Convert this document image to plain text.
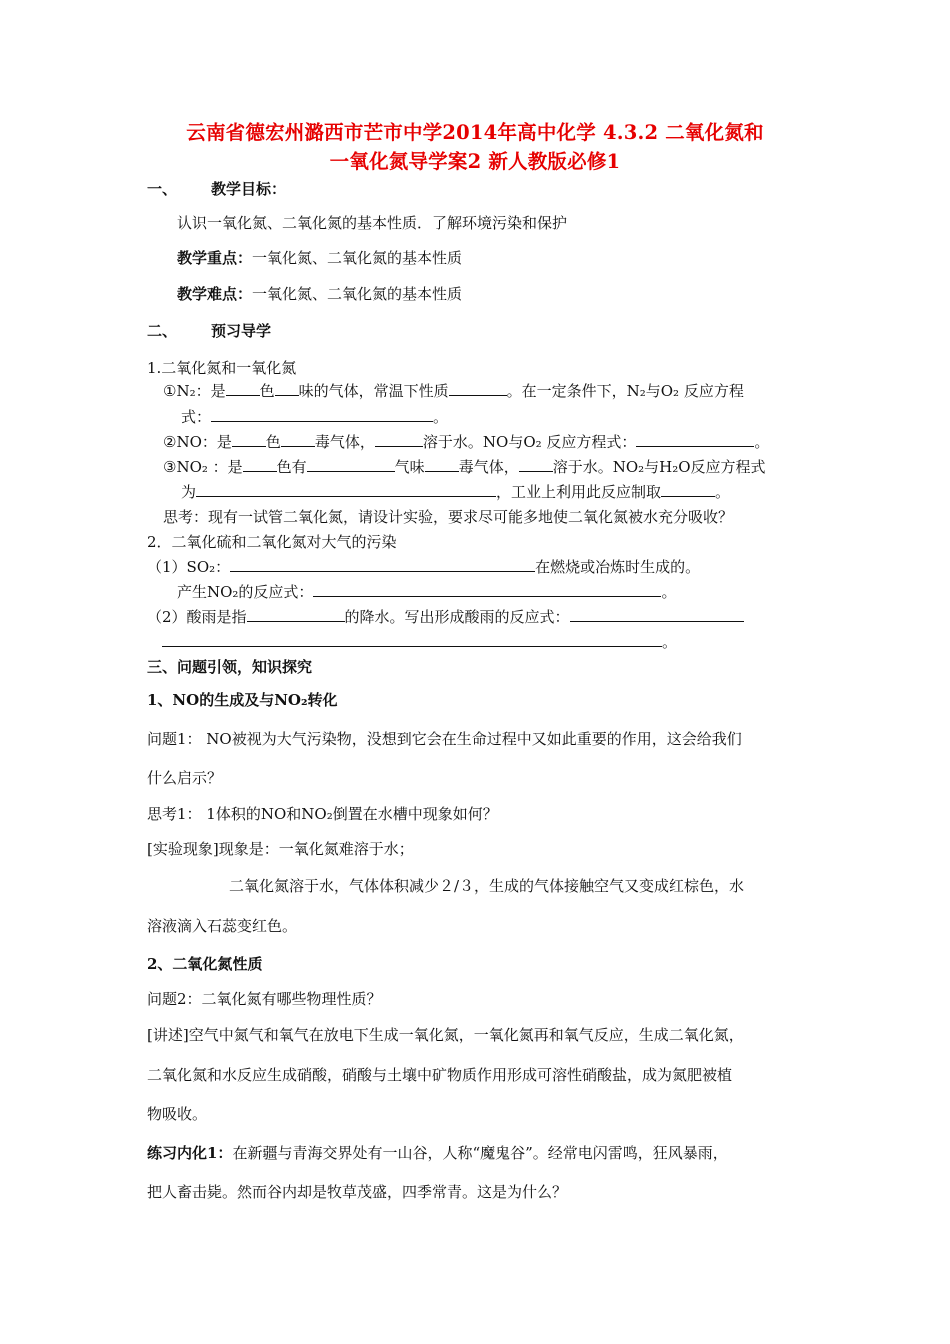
云南省德宏州潞西市芒市中学2014年高中化学 4.3.2 二氧化氮和
一氧化氮导学案2 新人教版必修1
一、 教学目标：
认识一氧化氮、二氧化氮的基本性质．了解环境污染和保护
教学重点：一氧化氮、二氧化氮的基本性质
教学难点：一氧化氮、二氧化氮的基本性质
二、 预习导学
1.二氧化氮和一氧化氮
①N₂：是 色 味的气体，常温下性质	。在一定条件下，N₂与O₂ 反应方程
式：	。
②NO：是 色 毒气体，	溶于水。NO与O₂ 反应方程式：	。
③NO₂ ：是 色有	气味 毒气体， 溶于水。NO₂与H₂O反应方程式
为	，工业上利用此反应制取	。
思考：现有一试管二氧化氮，请设计实验，要求尽可能多地使二氧化氮被水充分吸收？
2．二氧化硫和二氧化氮对大气的污染
（1）SO₂：	在燃烧或冶炼时生成的。
产生NO₂的反应式：	。
（2）酸雨是指	的降水。写出形成酸雨的反应式：
。
三、问题引领，知识探究
1、NO的生成及与NO₂转化
问题1： NO被视为大气污染物，没想到它会在生命过程中又如此重要的作用，这会给我们
什么启示？
思考1： 1体积的NO和NO₂倒置在水槽中现象如何？
[实验现象]现象是：一氧化氮难溶于水；
二氧化氮溶于水，气体体积减少２/３，生成的气体接触空气又变成红棕色，水
溶液滴入石蕊变红色。
2、二氧化氮性质
问题2：二氧化氮有哪些物理性质？
[讲述]空气中氮气和氧气在放电下生成一氧化氮，一氧化氮再和氧气反应，生成二氧化氮，
二氧化氮和水反应生成硝酸，硝酸与土壤中矿物质作用形成可溶性硝酸盐，成为氮肥被植
物吸收。
练习内化1：在新疆与青海交界处有一山谷，人称“魔鬼谷”。经常电闪雷鸣，狂风暴雨，
把人畜击毙。然而谷内却是牧草茂盛，四季常青。这是为什么？
